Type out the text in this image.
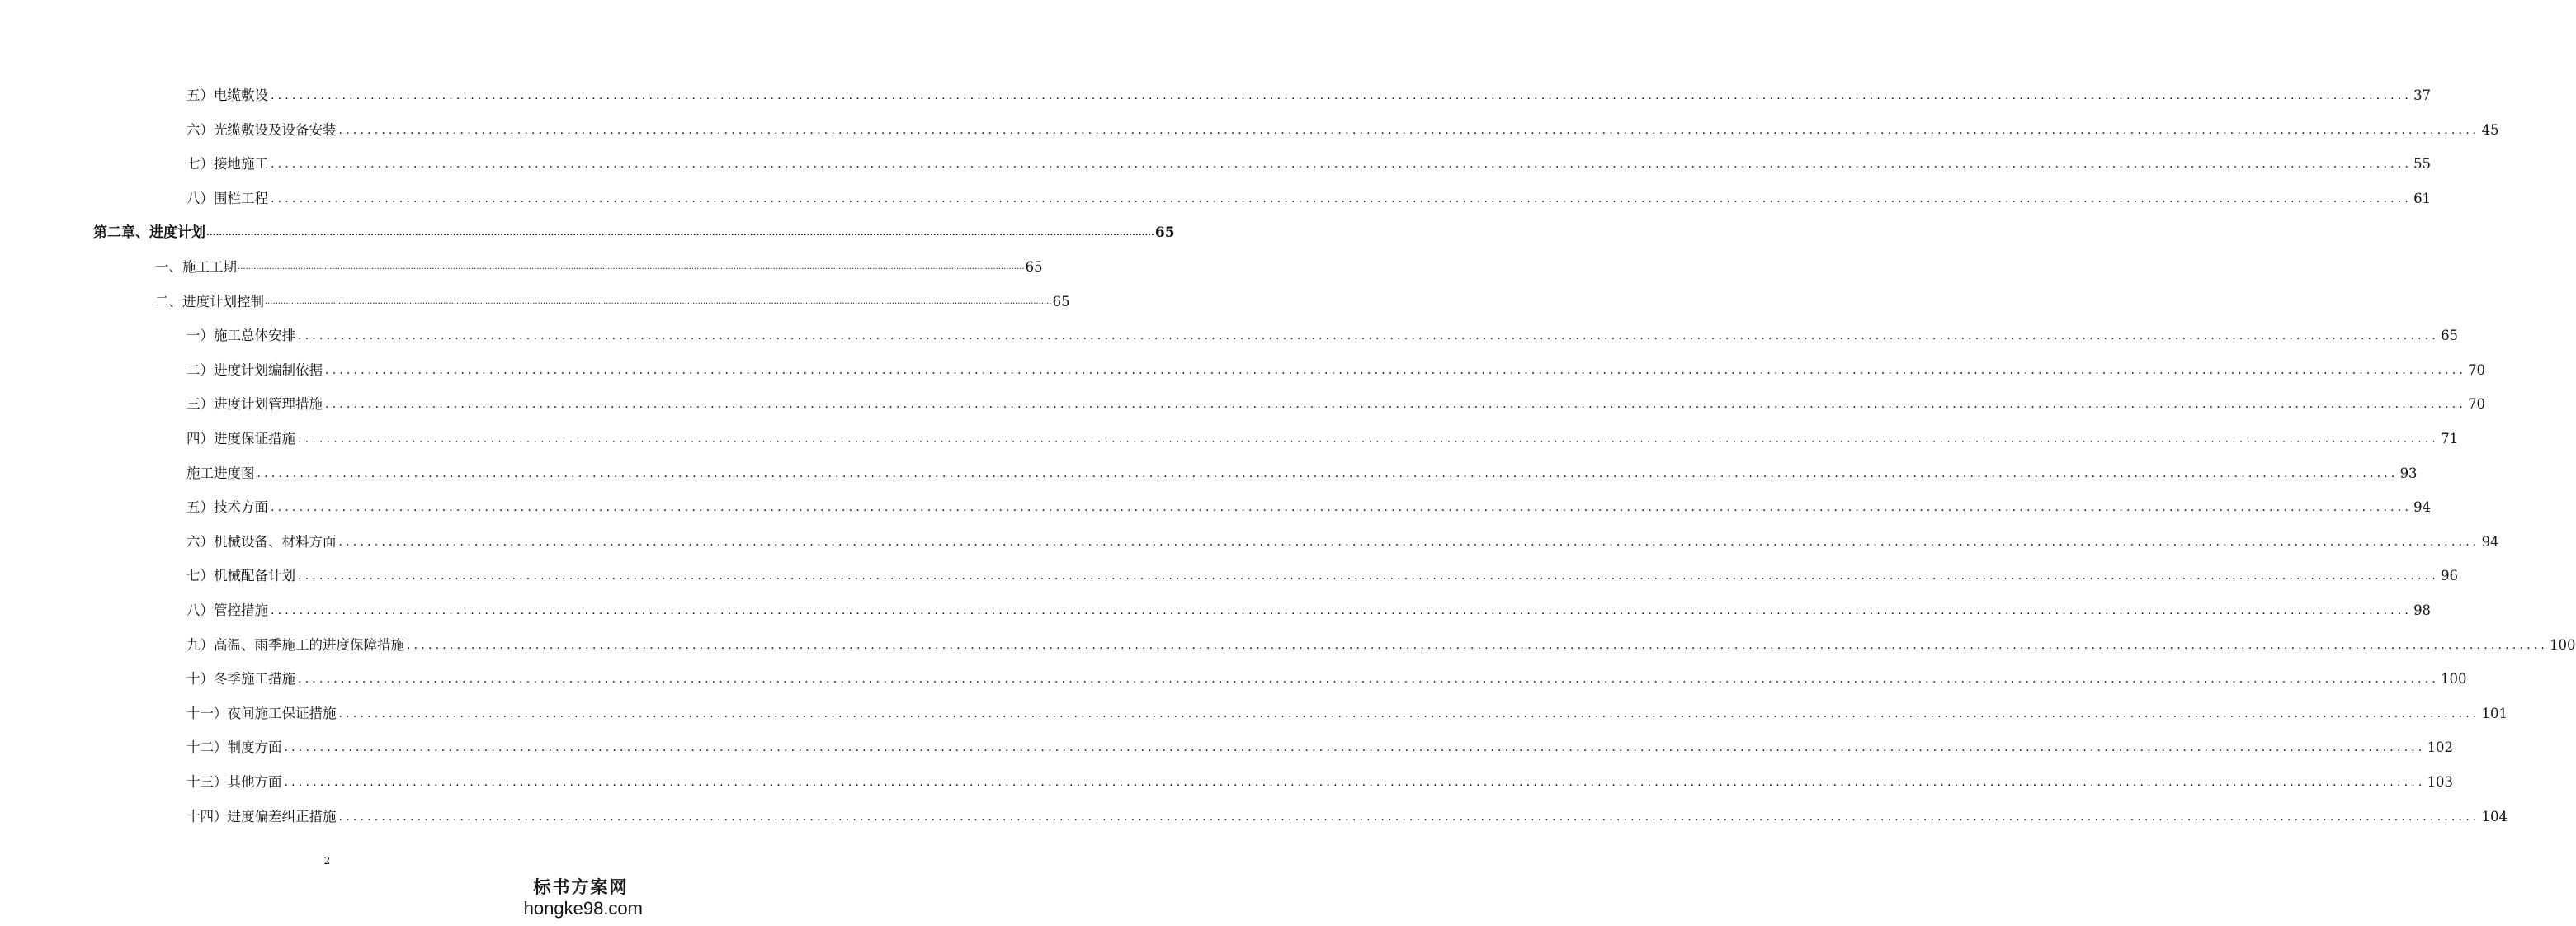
五）电缆敷设 ............................................................................................................................................................................................................................................................................................................ 37
六）光缆敷设及设备安装 ............................................................................................................................................................................................................................................................................................................ 45
七）接地施工 ............................................................................................................................................................................................................................................................................................................ 55
八）围栏工程 ............................................................................................................................................................................................................................................................................................................ 61
第二章、进度计划 ............................................................................................................................................................................................................................................................................................................ 65
一、施工工期 ............................................................................................................................................................................................................................................................................................................ 65
二、进度计划控制 ............................................................................................................................................................................................................................................................................................................ 65
一）施工总体安排 ............................................................................................................................................................................................................................................................................................................ 65
二）进度计划编制依据 ............................................................................................................................................................................................................................................................................................................ 70
三）进度计划管理措施 ............................................................................................................................................................................................................................................................................................................ 70
四）进度保证措施 ............................................................................................................................................................................................................................................................................................................ 71
施工进度图 ............................................................................................................................................................................................................................................................................................................ 93
五）技术方面 ............................................................................................................................................................................................................................................................................................................ 94
六）机械设备、材料方面 ............................................................................................................................................................................................................................................................................................................ 94
七）机械配备计划 ............................................................................................................................................................................................................................................................................................................ 96
八）管控措施 ............................................................................................................................................................................................................................................................................................................ 98
九）高温、雨季施工的进度保障措施 ............................................................................................................................................................................................................................................................................................................ 100
十）冬季施工措施 ............................................................................................................................................................................................................................................................................................................ 100
十一）夜间施工保证措施 ............................................................................................................................................................................................................................................................................................................ 101
十二）制度方面 ............................................................................................................................................................................................................................................................................................................ 102
十三）其他方面 ............................................................................................................................................................................................................................................................................................................ 103
十四）进度偏差纠正措施 ............................................................................................................................................................................................................................................................................................................ 104
2
标书方案网
hongke98.com
